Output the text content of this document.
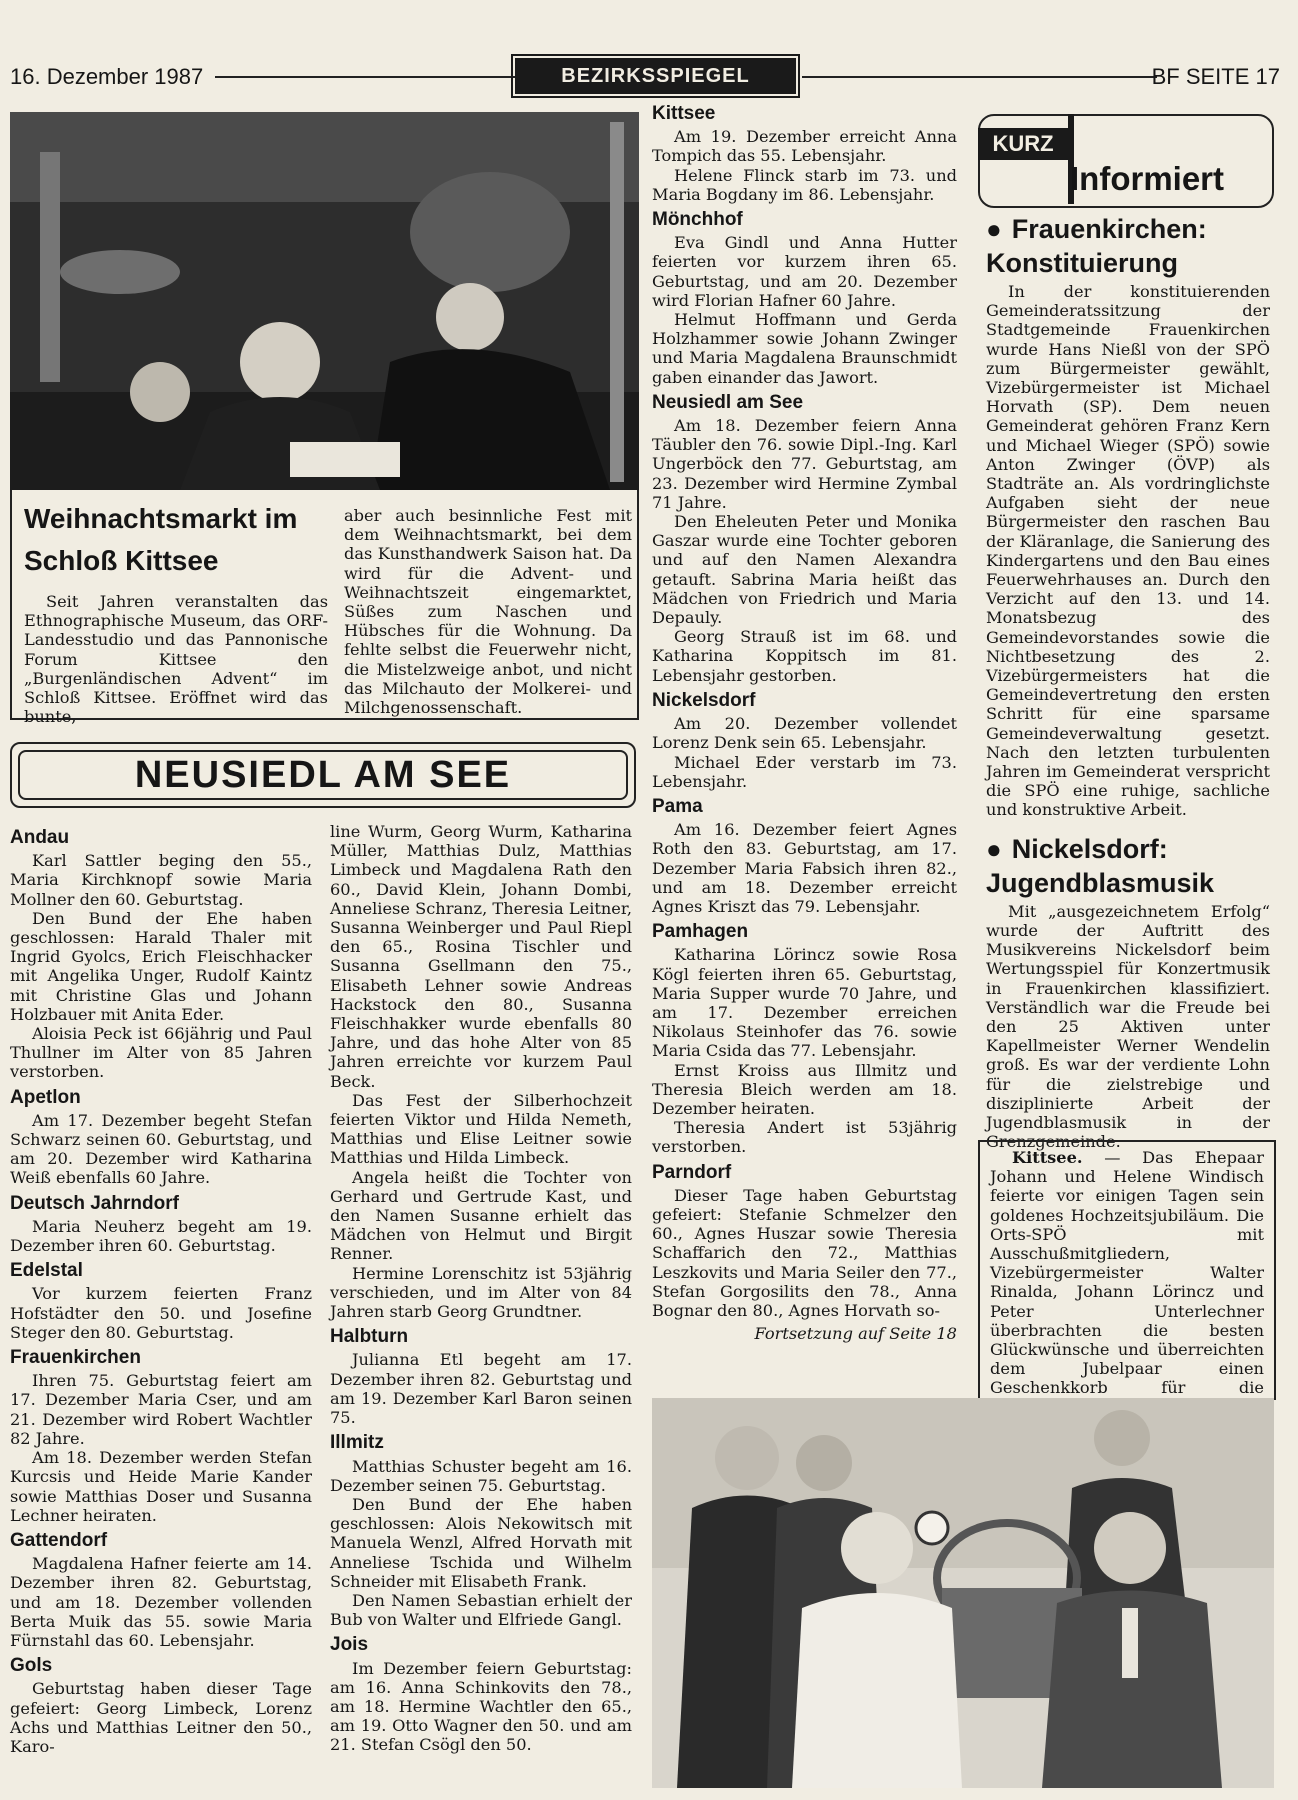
16. Dezember 1987	BEZIRKSSPIEGEL	BF SEITE 17
Weihnachtsmarkt im
Schloß Kittsee

Seit Jahren veranstalten das Ethnographische Museum, das ORF-Landesstudio und das Pannonische Forum Kittsee den „Burgenländischen Advent“ im Schloß Kittsee. Eröffnet wird das bunte,

aber auch besinnliche Fest mit dem Weihnachtsmarkt, bei dem das Kunsthandwerk Saison hat. Da wird für die Advent- und Weihnachtszeit eingemarktet, Süßes zum Naschen und Hübsches für die Wohnung. Da fehlte selbst die Feuerwehr nicht, die Mistelzweige anbot, und nicht das Milchauto der Molkerei- und Milchgenossenschaft.

NEUSIEDL AM SEE
Andau

Karl Sattler beging den 55., Maria Kirchknopf sowie Maria Mollner den 60. Geburtstag.

Den Bund der Ehe haben geschlossen: Harald Thaler mit Ingrid Gyolcs, Erich Fleischhacker mit Angelika Unger, Rudolf Kaintz mit Christine Glas und Johann Holzbauer mit Anita Eder.

Aloisia Peck ist 66jährig und Paul Thullner im Alter von 85 Jahren verstorben.

Apetlon

Am 17. Dezember begeht Stefan Schwarz seinen 60. Geburtstag, und am 20. Dezember wird Katharina Weiß ebenfalls 60 Jahre.

Deutsch Jahrndorf

Maria Neuherz begeht am 19. Dezember ihren 60. Geburtstag.

Edelstal

Vor kurzem feierten Franz Hofstädter den 50. und Josefine Steger den 80. Geburtstag.

Frauenkirchen

Ihren 75. Geburtstag feiert am 17. Dezember Maria Cser, und am 21. Dezember wird Robert Wachtler 82 Jahre.

Am 18. Dezember werden Stefan Kurcsis und Heide Marie Kander sowie Matthias Doser und Susanna Lechner heiraten.

Gattendorf

Magdalena Hafner feierte am 14. Dezember ihren 82. Geburtstag, und am 18. Dezember vollenden Berta Muik das 55. sowie Maria Fürnstahl das 60. Lebensjahr.

Gols

Geburtstag haben dieser Tage gefeiert: Georg Limbeck, Lorenz Achs und Matthias Leitner den 50., Karo-

line Wurm, Georg Wurm, Katharina Müller, Matthias Dulz, Matthias Limbeck und Magdalena Rath den 60., David Klein, Johann Dombi, Anneliese Schranz, Theresia Leitner, Susanna Weinberger und Paul Riepl den 65., Rosina Tischler und Susanna Gsellmann den 75., Elisabeth Lehner sowie Andreas Hackstock den 80., Susanna Fleischhakker wurde ebenfalls 80 Jahre, und das hohe Alter von 85 Jahren erreichte vor kurzem Paul Beck.

Das Fest der Silberhochzeit feierten Viktor und Hilda Nemeth, Matthias und Elise Leitner sowie Matthias und Hilda Limbeck.

Angela heißt die Tochter von Gerhard und Gertrude Kast, und den Namen Susanne erhielt das Mädchen von Helmut und Birgit Renner.

Hermine Lorenschitz ist 53jährig verschieden, und im Alter von 84 Jahren starb Georg Grundtner.

Halbturn

Julianna Etl begeht am 17. Dezember ihren 82. Geburtstag und am 19. Dezember Karl Baron seinen 75.

Illmitz

Matthias Schuster begeht am 16. Dezember seinen 75. Geburtstag.

Den Bund der Ehe haben geschlossen: Alois Nekowitsch mit Manuela Wenzl, Alfred Horvath mit Anneliese Tschida und Wilhelm Schneider mit Elisabeth Frank.

Den Namen Sebastian erhielt der Bub von Walter und Elfriede Gangl.

Jois

Im Dezember feiern Geburtstag: am 16. Anna Schinkovits den 78., am 18. Hermine Wachtler den 65., am 19. Otto Wagner den 50. und am 21. Stefan Csögl den 50.

Kittsee

Am 19. Dezember erreicht Anna Tompich das 55. Lebensjahr.

Helene Flinck starb im 73. und Maria Bogdany im 86. Lebensjahr.

Mönchhof

Eva Gindl und Anna Hutter feierten vor kurzem ihren 65. Geburtstag, und am 20. Dezember wird Florian Hafner 60 Jahre.

Helmut Hoffmann und Gerda Holzhammer sowie Johann Zwinger und Maria Magdalena Braunschmidt gaben einander das Jawort.

Neusiedl am See

Am 18. Dezember feiern Anna Täubler den 76. sowie Dipl.-Ing. Karl Ungerböck den 77. Geburtstag, am 23. Dezember wird Hermine Zymbal 71 Jahre.

Den Eheleuten Peter und Monika Gaszar wurde eine Tochter geboren und auf den Namen Alexandra getauft. Sabrina Maria heißt das Mädchen von Friedrich und Maria Depauly.

Georg Strauß ist im 68. und Katharina Koppitsch im 81. Lebensjahr gestorben.

Nickelsdorf

Am 20. Dezember vollendet Lorenz Denk sein 65. Lebensjahr.

Michael Eder verstarb im 73. Lebensjahr.

Pama

Am 16. Dezember feiert Agnes Roth den 83. Geburtstag, am 17. Dezember Maria Fabsich ihren 82., und am 18. Dezember erreicht Agnes Kriszt das 79. Lebensjahr.

Pamhagen

Katharina Lörincz sowie Rosa Kögl feierten ihren 65. Geburtstag, Maria Supper wurde 70 Jahre, und am 17. Dezember erreichen Nikolaus Steinhofer das 76. sowie Maria Csida das 77. Lebensjahr.

Ernst Kroiss aus Illmitz und Theresia Bleich werden am 18. Dezember heiraten.

Theresia Andert ist 53jährig verstorben.

Parndorf

Dieser Tage haben Geburtstag gefeiert: Stefanie Schmelzer den 60., Agnes Huszar sowie Theresia Schaffarich den 72., Matthias Leszkovits und Maria Seiler den 77., Stefan Gorgosilits den 78., Anna Bognar den 80., Agnes Horvath so-

Fortsetzung auf Seite 18

KURZ
Informiert
● Frauenkirchen:
Konstituierung

In der konstituierenden Gemeinderatssitzung der Stadtgemeinde Frauenkirchen wurde Hans Nießl von der SPÖ zum Bürgermeister gewählt, Vizebürgermeister ist Michael Horvath (SP). Dem neuen Gemeinderat gehören Franz Kern und Michael Wieger (SPÖ) sowie Anton Zwinger (ÖVP) als Stadträte an. Als vordringlichste Aufgaben sieht der neue Bürgermeister den raschen Bau der Kläranlage, die Sanierung des Kindergartens und den Bau eines Feuerwehrhauses an. Durch den Verzicht auf den 13. und 14. Monatsbezug des Gemeindevorstandes sowie die Nichtbesetzung des 2. Vizebürgermeisters hat die Gemeindevertretung den ersten Schritt für eine sparsame Gemeindeverwaltung gesetzt. Nach den letzten turbulenten Jahren im Gemeinderat verspricht die SPÖ eine ruhige, sachliche und konstruktive Arbeit.

● Nickelsdorf:
Jugendblasmusik

Mit „ausgezeichnetem Erfolg“ wurde der Auftritt des Musikvereins Nickelsdorf beim Wertungsspiel für Konzertmusik in Frauenkirchen klassifiziert. Verständlich war die Freude bei den 25 Aktiven unter Kapellmeister Werner Wendelin groß. Es war der verdiente Lohn für die zielstrebige und disziplinierte Arbeit der Jugendblasmusik in der Grenzgemeinde.

Kittsee. — Das Ehepaar Johann und Helene Windisch feierte vor einigen Tagen sein goldenes Hochzeitsjubiläum. Die Orts-SPÖ mit Ausschußmitgliedern, Vizebürgermeister Walter Rinalda, Johann Lörincz und Peter Unterlechner überbrachten die besten Glückwünsche und überreichten dem Jubelpaar einen Geschenkkorb für die
